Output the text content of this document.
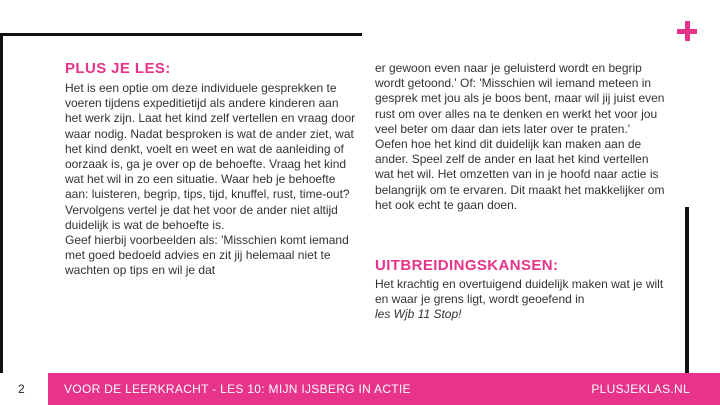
PLUS JE LES:

Het is een optie om deze individuele gesprekken te voeren tijdens expeditietijd als andere kinderen aan het werk zijn. Laat het kind zelf vertellen en vraag door waar nodig. Nadat besproken is wat de ander ziet, wat het kind denkt, voelt en weet en wat de aanleiding of oorzaak is, ga je over op de behoefte. Vraag het kind wat het wil in zo een situatie. Waar heb je behoefte aan: luisteren, begrip, tips, tijd, knuffel, rust, time-out? Vervolgens vertel je dat het voor de ander niet altijd duidelijk is wat de behoefte is.

Geef hierbij voorbeelden als: 'Misschien komt iemand met goed bedoeld advies en zit jij helemaal niet te wachten op tips en wil je dat

er gewoon even naar je geluisterd wordt en begrip wordt getoond.' Of: 'Misschien wil iemand meteen in gesprek met jou als je boos bent, maar wil jij juist even rust om over alles na te denken en werkt het voor jou veel beter om daar dan iets later over te praten.' Oefen hoe het kind dit duidelijk kan maken aan de ander. Speel zelf de ander en laat het kind vertellen wat het wil. Het omzetten van in je hoofd naar actie is belangrijk om te ervaren. Dit maakt het makkelijker om het ook echt te gaan doen.

UITBREIDINGSKANSEN:

Het krachtig en overtuigend duidelijk maken wat je wilt en waar je grens ligt, wordt geoefend in
les Wjb 11 Stop!

2	VOOR DE LEERKRACHT - LES 10: MIJN IJSBERG IN ACTIE	PLUSJEKLAS.NL
